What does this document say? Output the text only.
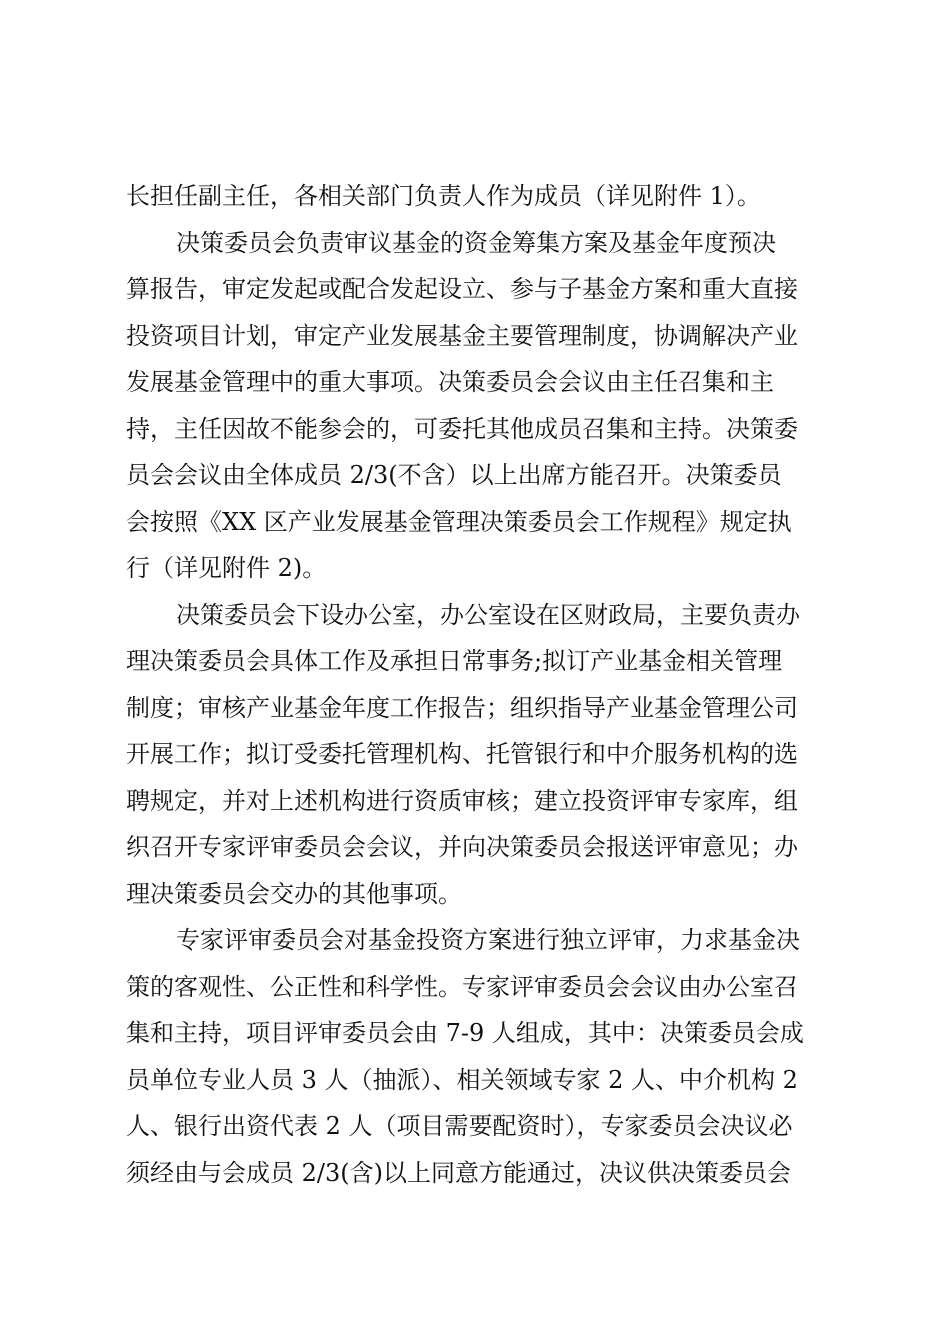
长担任副主任，各相关部门负责人作为成员（详见附件 1）。
决策委员会负责审议基金的资金筹集方案及基金年度预决
算报告，审定发起或配合发起设立、参与子基金方案和重大直接
投资项目计划，审定产业发展基金主要管理制度，协调解决产业
发展基金管理中的重大事项。决策委员会会议由主任召集和主
持，主任因故不能参会的，可委托其他成员召集和主持。决策委
员会会议由全体成员 2/3(不含）以上出席方能召开。决策委员
会按照《XX 区产业发展基金管理决策委员会工作规程》规定执
行（详见附件 2)。
决策委员会下设办公室，办公室设在区财政局，主要负责办
理决策委员会具体工作及承担日常事务;拟订产业基金相关管理
制度；审核产业基金年度工作报告；组织指导产业基金管理公司
开展工作；拟订受委托管理机构、托管银行和中介服务机构的选
聘规定，并对上述机构进行资质审核；建立投资评审专家库，组
织召开专家评审委员会会议，并向决策委员会报送评审意见；办
理决策委员会交办的其他事项。
专家评审委员会对基金投资方案进行独立评审，力求基金决
策的客观性、公正性和科学性。专家评审委员会会议由办公室召
集和主持，项目评审委员会由 7-9 人组成，其中：决策委员会成
员单位专业人员 3 人（抽派）、相关领域专家 2 人、中介机构 2
人、银行出资代表 2 人（项目需要配资时），专家委员会决议必
须经由与会成员 2/3(含)以上同意方能通过，决议供决策委员会
